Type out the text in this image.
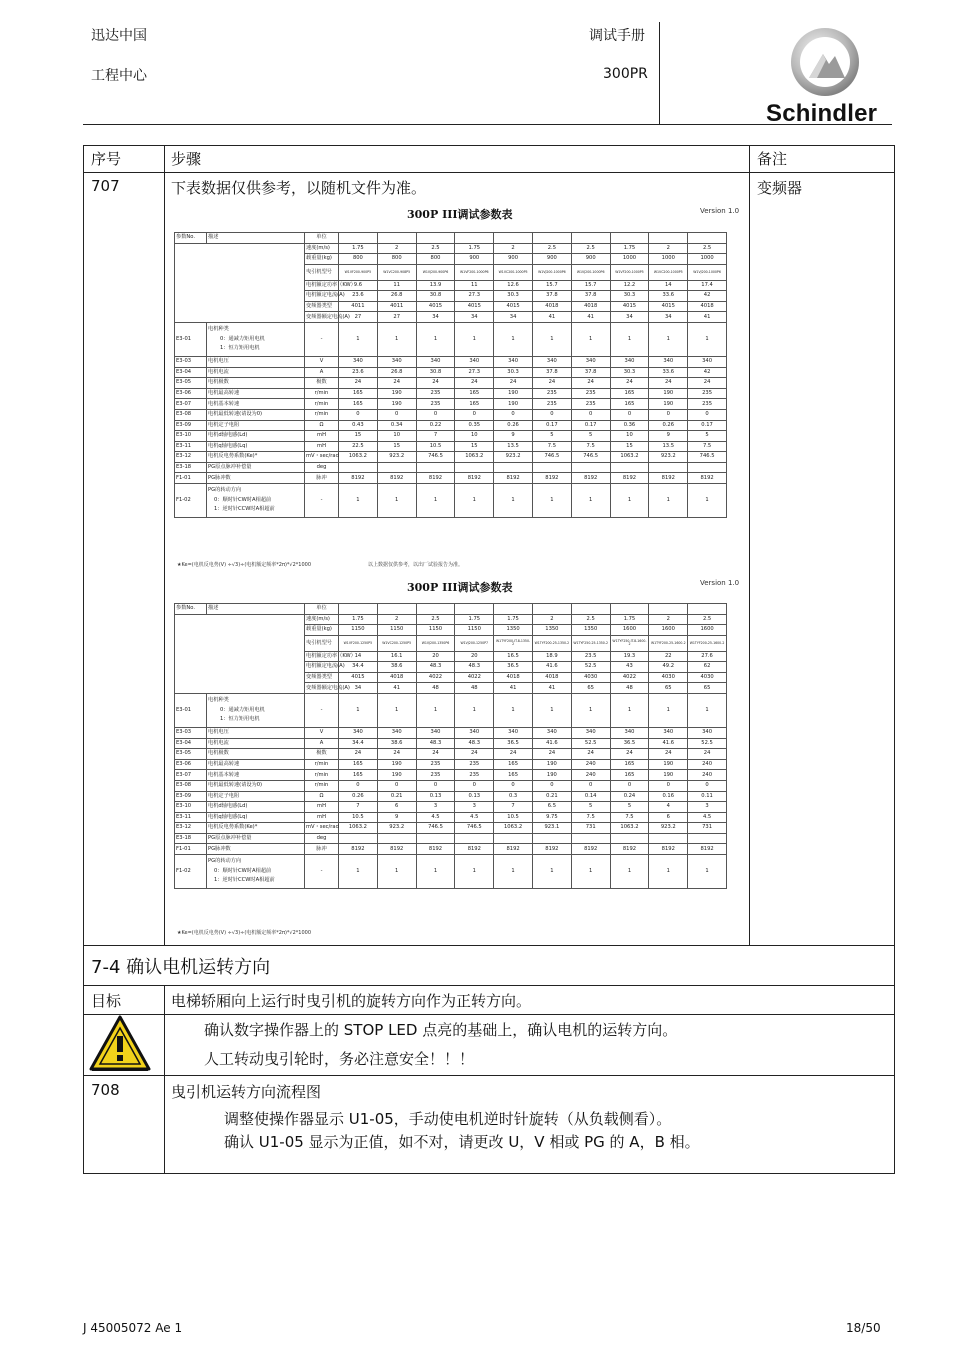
迅达中国
工程中心
调试手册
300PR
Schindler
序号	步骤	备注
707	下表数据仅供参考，以随机文件为准。	变频器
300P III调试参数表	Version 1.0
参数No.	描述	单位										
		速度(m/s)	1.75	2	2.5	1.75	2	2.5	2.5	1.75	2	2.5
		载重量(kg)	800	800	800	900	900	900	900	1000	1000	1000
		曳引机型号	W1VF200-900P5	W1VC200-908P5	W1VJ200-900P6	W1VF200-1000P6	W1VC200-1000P5	W1VJ200-1000P6	W1VJ200-1000P6	W1VF200-1000P5	W1VC200-1000P5	W1VJ200-1000P6
		电机额定功率（KW）	9.6	11	13.9	11	12.6	15.7	15.7	12.2	14	17.4
		电机额定电流(A)	23.6	26.8	30.8	27.3	30.3	37.8	37.8	30.3	33.6	42
		变频器类型	4011	4011	4015	4015	4015	4018	4018	4015	4015	4018
		变频器额定电流(A)	27	27	34	34	34	41	41	34	34	41
E3-01	电机种类
0：通减力矩用电机
1：恒力矩用电机	-	1	1	1	1	1	1	1	1	1	1
E3-03	电机电压	V	340	340	340	340	340	340	340	340	340	340
E3-04	电机电流	A	23.6	26.8	30.8	27.3	30.3	37.8	37.8	30.3	33.6	42
E3-05	电机极数	极数	24	24	24	24	24	24	24	24	24	24
E3-06	电机最高转速	r/min	165	190	235	165	190	235	235	165	190	235
E3-07	电机基本转速	r/min	165	190	235	165	190	235	235	165	190	235
E3-08	电机最低转速(请设为0)	r/min	0	0	0	0	0	0	0	0	0	0
E3-09	电机定子电阻	Ω	0.43	0.34	0.22	0.35	0.26	0.17	0.17	0.36	0.26	0.17
E3-10	电机d轴电感(Ld)	mH	15	10	7	10	9	5	5	10	9	5
E3-11	电机q轴电感(Lq)	mH	22.5	15	10.5	15	13.5	7.5	7.5	15	13.5	7.5
E3-12	电机反电势系数(Ke)*	mV・sec/rad	1063.2	923.2	746.5	1063.2	923.2	746.5	746.5	1063.2	923.2	746.5
E3-18	PG原点脉冲补偿量	deg										
F1-01	PG脉冲数	脉冲	8192	8192	8192	8192	8192	8192	8192	8192	8192	8192
F1-02	PG的转动方向
0：顺时针CW时A相超前
1：逆时针CCW时A相超前	-	1	1	1	1	1	1	1	1	1	1
★Ke=(电机反电势(V) ÷√3)÷(电机额定频率*2π)*√2*1000	以上数据仅供参考，以出厂试验报告为准。
300P III调试参数表	Version 1.0
参数No.	描述	单位										
		速度(m/s)	1.75	2	2.5	1.75	1.75	2	2.5	1.75	2	2.5
		载重量(kg)	1150	1150	1150	1150	1350	1350	1350	1600	1600	1600
		曳引机型号	W1VF200-1250P5	W1VC200-1250P5	W1VJ200-1350P6	W1VJ200-1250P7	W1TYF200-IT.8-1350-2	W1TYF200-25-1350-2	W1TYF250-25-1350-2	W1TYF250-IT.8-1600-2	W1TYF200-25-1600-2	W1TYF200-25-1600-2
		电机额定功率（KW）	14	16.1	20	20	16.5	18.9	23.5	19.3	22	27.6
		电机额定电流(A)	34.4	38.6	48.3	48.3	36.5	41.6	52.5	43	49.2	62
		变频器类型	4015	4018	4022	4022	4018	4018	4030	4022	4030	4030
		变频器额定电流(A)	34	41	48	48	41	41	65	48	65	65
E3-01	电机种类
0：通减力矩用电机
1：恒力矩用电机	-	1	1	1	1	1	1	1	1	1	1
E3-03	电机电压	V	340	340	340	340	340	340	340	340	340	340
E3-04	电机电流	A	34.4	38.6	48.3	48.3	36.5	41.6	52.5	36.5	41.6	52.5
E3-05	电机极数	极数	24	24	24	24	24	24	24	24	24	24
E3-06	电机最高转速	r/min	165	190	235	235	165	190	240	165	190	240
E3-07	电机基本转速	r/min	165	190	235	235	165	190	240	165	190	240
E3-08	电机最低转速(请设为0)	r/min	0	0	0	0	0	0	0	0	0	0
E3-09	电机定子电阻	Ω	0.26	0.21	0.13	0.13	0.3	0.21	0.14	0.24	0.16	0.11
E3-10	电机d轴电感(Ld)	mH	7	6	3	3	7	6.5	5	5	4	3
E3-11	电机q轴电感(Lq)	mH	10.5	9	4.5	4.5	10.5	9.75	7.5	7.5	6	4.5
E3-12	电机反电势系数(Ke)*	mV・sec/rad	1063.2	923.2	746.5	746.5	1063.2	923.1	731	1063.2	923.2	731
E3-18	PG原点脉冲补偿量	deg										
F1-01	PG脉冲数	脉冲	8192	8192	8192	8192	8192	8192	8192	8192	8192	8192
F1-02	PG的转动方向
0：顺时针CW时A相超前
1：逆时针CCW时A相超前	-	1	1	1	1	1	1	1	1	1	1
★Ke=(电机反电势(V) ÷√3)÷(电机额定频率*2π)*√2*1000
7-4 确认电机运转方向
目标	电梯轿厢向上运行时曳引机的旋转方向作为正转方向。
确认数字操作器上的 STOP LED 点亮的基础上，确认电机的运转方向。
人工转动曳引轮时，务必注意安全！！！
708	曳引机运转方向流程图
调整使操作器显示 U1-05，手动使电机逆时针旋转（从负载侧看）。
确认 U1-05 显示为正值，如不对，请更改 U，V 相或 PG 的 A，B 相。
J 45005072 Ae 1	18/50
